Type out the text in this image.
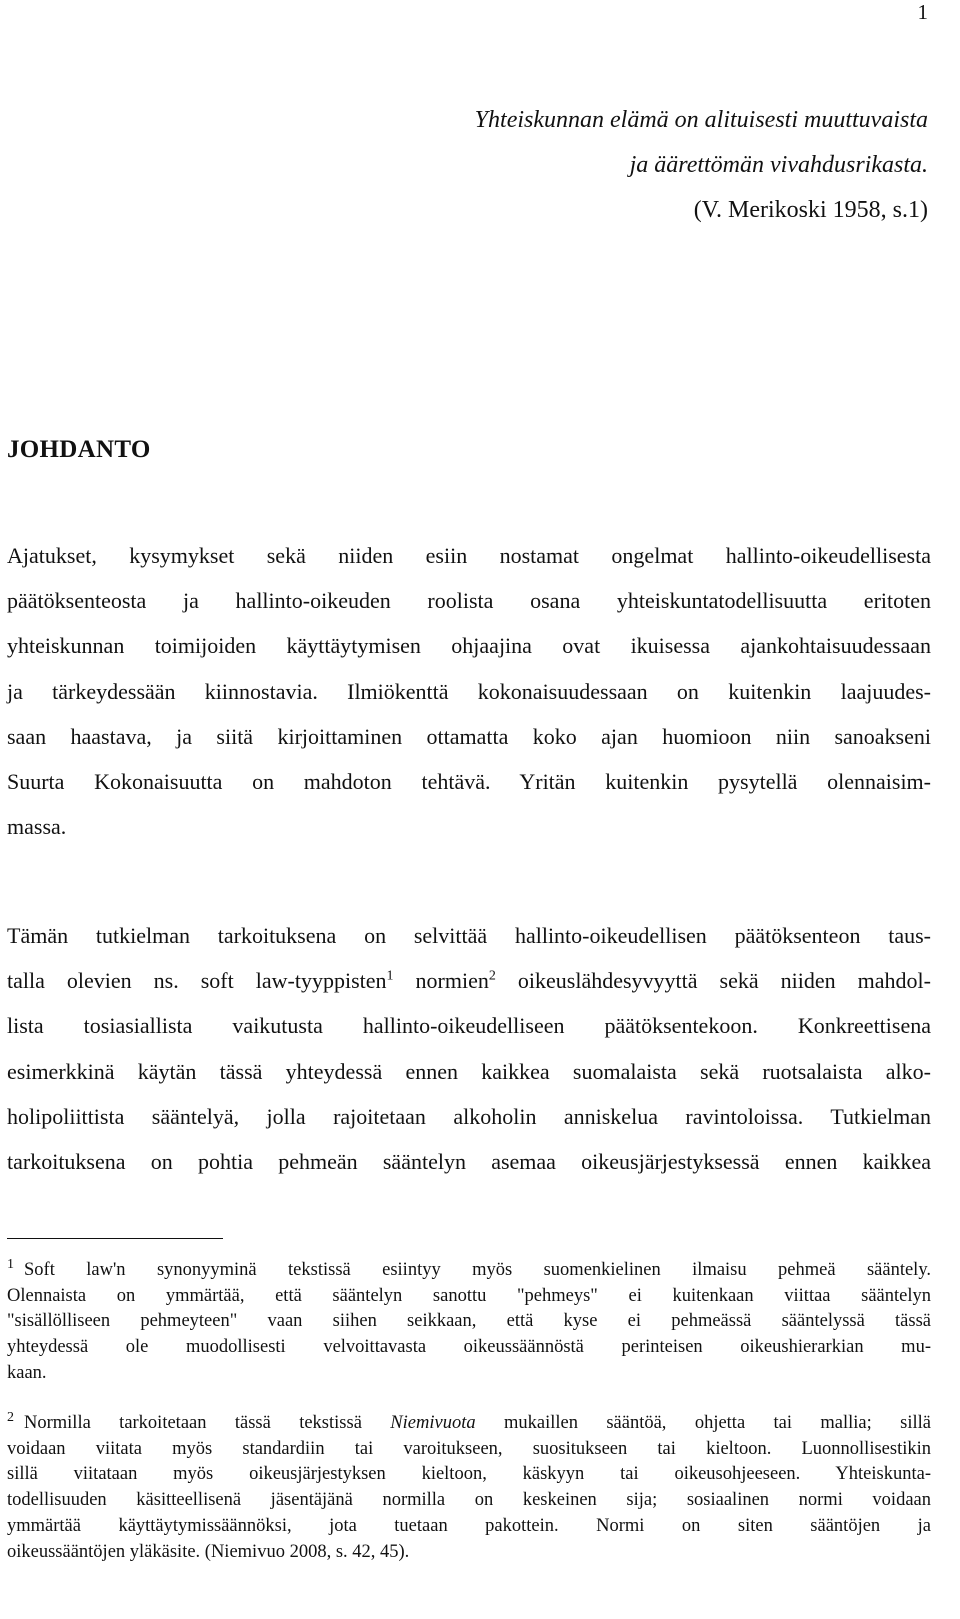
1
Yhteiskunnan elämä on alituisesti muuttuvaista
ja äärettömän vivahdusrikasta.
(V. Merikoski 1958, s.1)
JOHDANTO
Ajatukset, kysymykset sekä niiden esiin nostamat ongelmat hallinto-oikeudellisesta
päätöksenteosta ja hallinto-oikeuden roolista osana yhteiskuntatodellisuutta eritoten
yhteiskunnan toimijoiden käyttäytymisen ohjaajina ovat ikuisessa ajankohtaisuudessaan
ja tärkeydessään kiinnostavia. Ilmiökenttä kokonaisuudessaan on kuitenkin laajuudes-
saan haastava, ja siitä kirjoittaminen ottamatta koko ajan huomioon niin sanoakseni
Suurta Kokonaisuutta on mahdoton tehtävä. Yritän kuitenkin pysytellä olennaisim-
massa.
Tämän tutkielman tarkoituksena on selvittää hallinto-oikeudellisen päätöksenteon taus-
talla olevien ns. soft law-tyyppisten$^1$ normien$^2$ oikeuslähdesyvyyttä sekä niiden mahdol-
lista tosiasiallista vaikutusta hallinto-oikeudelliseen päätöksentekoon. Konkreettisena
esimerkkinä käytän tässä yhteydessä ennen kaikkea suomalaista sekä ruotsalaista alko-
holipoliittista sääntelyä, jolla rajoitetaan alkoholin anniskelua ravintoloissa. Tutkielman
tarkoituksena on pohtia pehmeän sääntelyn asemaa oikeusjärjestyksessä ennen kaikkea
$^1$ Soft law'n synonyyminä tekstissä esiintyy myös suomenkielinen ilmaisu pehmeä sääntely.
Olennaista on ymmärtää, että sääntelyn sanottu "pehmeys" ei kuitenkaan viittaa sääntelyn
"sisällölliseen pehmeyteen" vaan siihen seikkaan, että kyse ei pehmeässä sääntelyssä tässä
yhteydessä ole muodollisesti velvoittavasta oikeussäännöstä perinteisen oikeushierarkian mu-
kaan.
$^2$ Normilla tarkoitetaan tässä tekstissä Niemivuota mukaillen sääntöä, ohjetta tai mallia; sillä
voidaan viitata myös standardiin tai varoitukseen, suositukseen tai kieltoon. Luonnollisestikin
sillä viitataan myös oikeusjärjestyksen kieltoon, käskyyn tai oikeusohjeeseen. Yhteiskunta-
todellisuuden käsitteellisenä jäsentäjänä normilla on keskeinen sija; sosiaalinen normi voidaan
ymmärtää käyttäytymissäännöksi, jota tuetaan pakottein. Normi on siten sääntöjen ja
oikeussääntöjen yläkäsite. (Niemivuo 2008, s. 42, 45).
